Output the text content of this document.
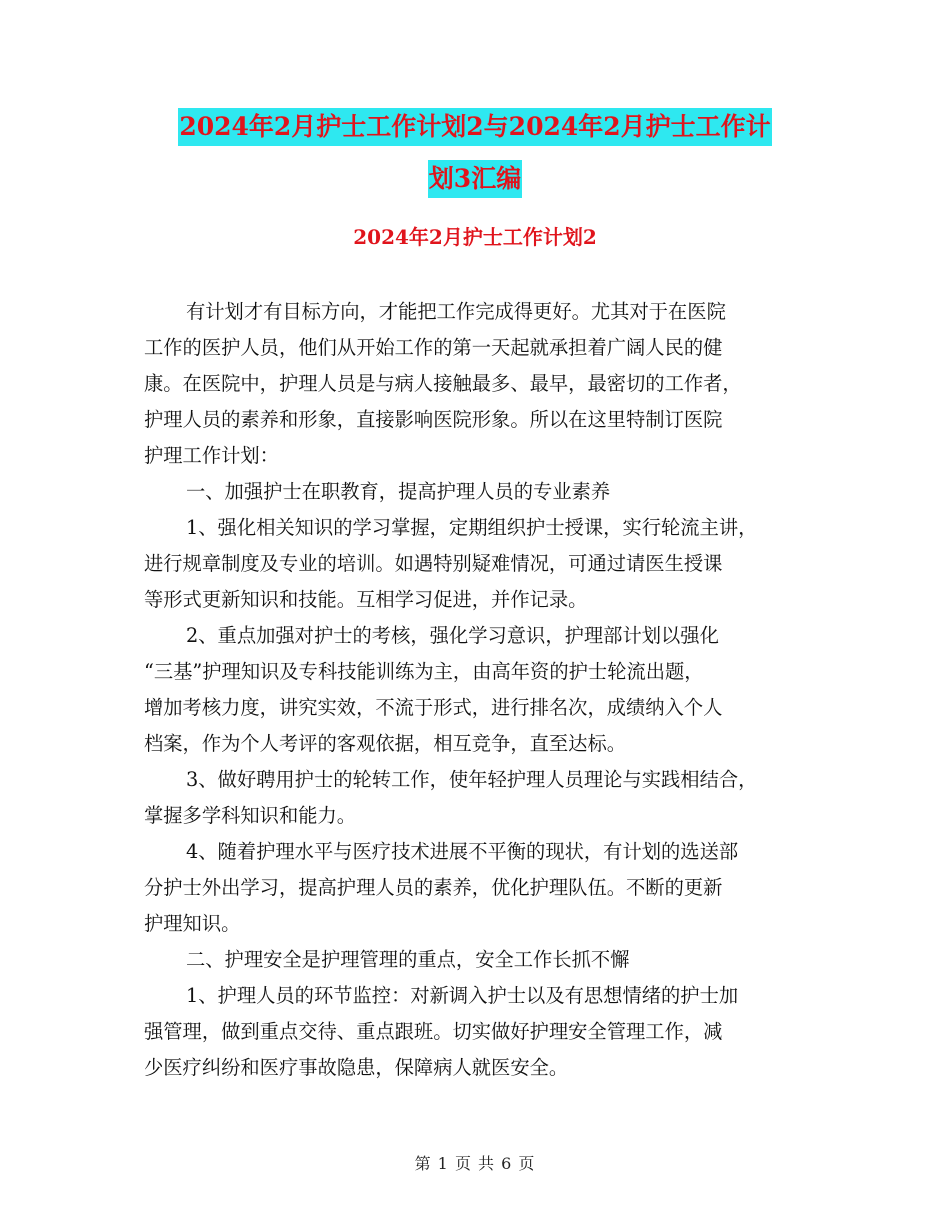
2024年2月护士工作计划2与2024年2月护士工作计
划3汇编
2024年2月护士工作计划2

有计划才有目标方向，才能把工作完成得更好。尤其对于在医院

工作的医护人员，他们从开始工作的第一天起就承担着广阔人民的健

康。在医院中，护理人员是与病人接触最多、最早，最密切的工作者，

护理人员的素养和形象，直接影响医院形象。所以在这里特制订医院

护理工作计划：

一、加强护士在职教育，提高护理人员的专业素养

1、强化相关知识的学习掌握，定期组织护士授课，实行轮流主讲，

进行规章制度及专业的培训。如遇特别疑难情况，可通过请医生授课

等形式更新知识和技能。互相学习促进，并作记录。

2、重点加强对护士的考核，强化学习意识，护理部计划以强化

“三基”护理知识及专科技能训练为主，由高年资的护士轮流出题，

增加考核力度，讲究实效，不流于形式，进行排名次，成绩纳入个人

档案，作为个人考评的客观依据，相互竞争，直至达标。

3、做好聘用护士的轮转工作，使年轻护理人员理论与实践相结合，

掌握多学科知识和能力。

4、随着护理水平与医疗技术进展不平衡的现状，有计划的选送部

分护士外出学习，提高护理人员的素养，优化护理队伍。不断的更新

护理知识。

二、护理安全是护理管理的重点，安全工作长抓不懈

1、护理人员的环节监控：对新调入护士以及有思想情绪的护士加

强管理，做到重点交待、重点跟班。切实做好护理安全管理工作，减

少医疗纠纷和医疗事故隐患，保障病人就医安全。

第 1 页 共 6 页
